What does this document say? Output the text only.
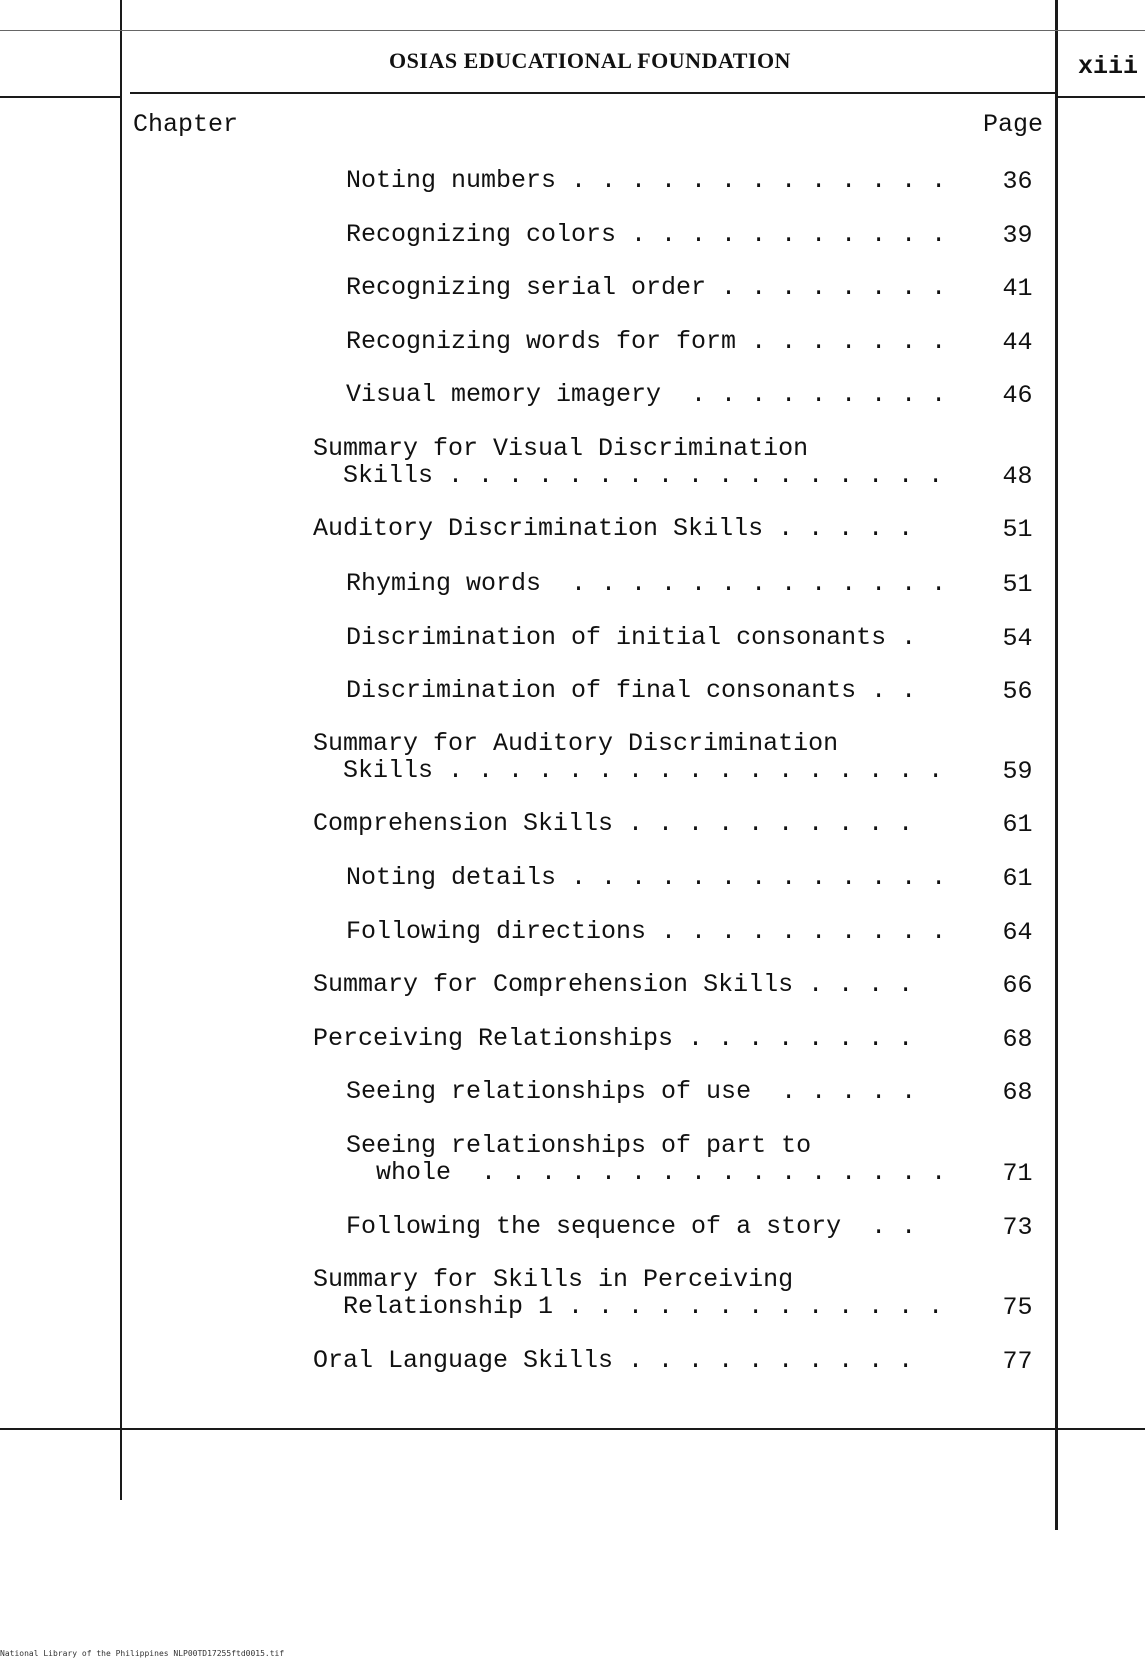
OSIAS EDUCATIONAL FOUNDATION	xiii
Chapter	Page
Noting numbers . . . . . . . . . . . . . 36
Recognizing colors . . . . . . . . . . . 39
Recognizing serial order . . . . . . . . 41
Recognizing words for form . . . . . . . 44
Visual memory imagery  . . . . . . . . . 46
Summary for Visual Discrimination
Skills . . . . . . . . . . . . . . . . . 48
Auditory Discrimination Skills . . . . .	51
Rhyming words  . . . . . . . . . . . . . 51
Discrimination of initial consonants .	54
Discrimination of final consonants . .	56
Summary for Auditory Discrimination
Skills . . . . . . . . . . . . . . . . . 59
Comprehension Skills . . . . . . . . . .	61
Noting details . . . . . . . . . . . . . 61
Following directions . . . . . . . . . . 64
Summary for Comprehension Skills . . . .	66
Perceiving Relationships . . . . . . . .	68
Seeing relationships of use  . . . . .	68
Seeing relationships of part to
whole  . . . . . . . . . . . . . . . . 71
Following the sequence of a story  . .	73
Summary for Skills in Perceiving
Relationship 1 . . . . . . . . . . . . . 75
Oral Language Skills . . . . . . . . . .	77
National Library of the Philippines NLP00TD17255ftd0015.tif
